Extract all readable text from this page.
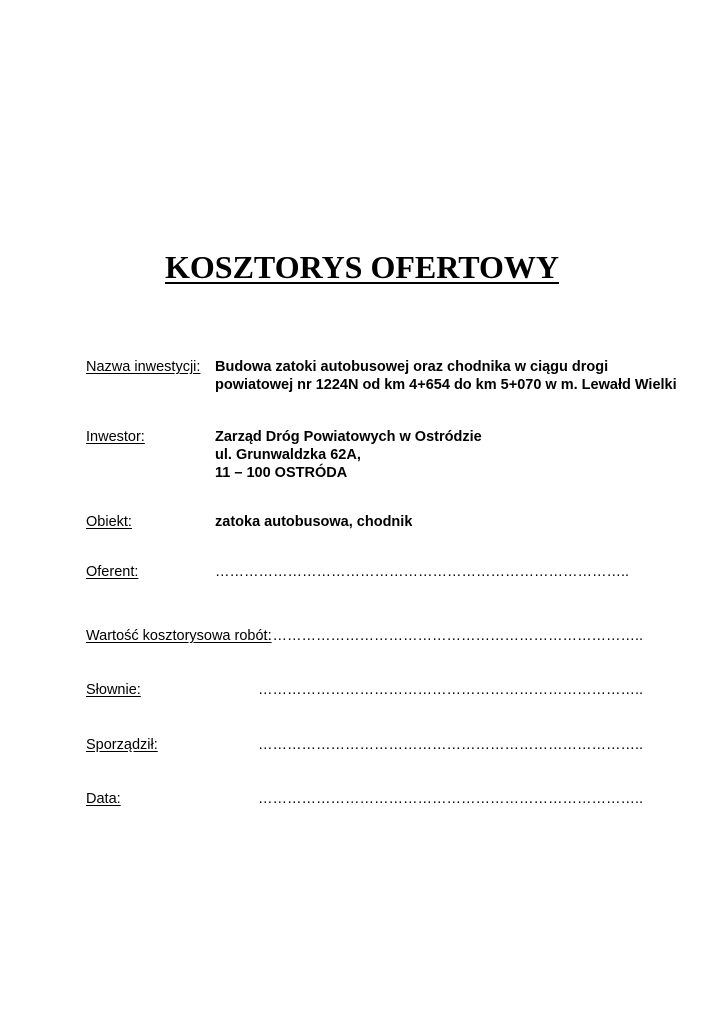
KOSZTORYS OFERTOWY
Nazwa inwestycji: Budowa zatoki autobusowej oraz chodnika w ciągu drogi
powiatowej nr 1224N od km 4+654 do km 5+070 w m. Lewałd Wielki
Inwestor:	Zarząd Dróg Powiatowych w Ostródzie
ul. Grunwaldzka 62A,
11 – 100 OSTRÓDA
Obiekt:	zatoka autobusowa, chodnik
Oferent:	…………………………………………………………………………..
Wartość kosztorysowa robót:
……………………………………………………………………..
Słownie:	……………………………………………………………………..
Sporządził:	……………………………………………………………………..
Data:	……………………………………………………………………..
